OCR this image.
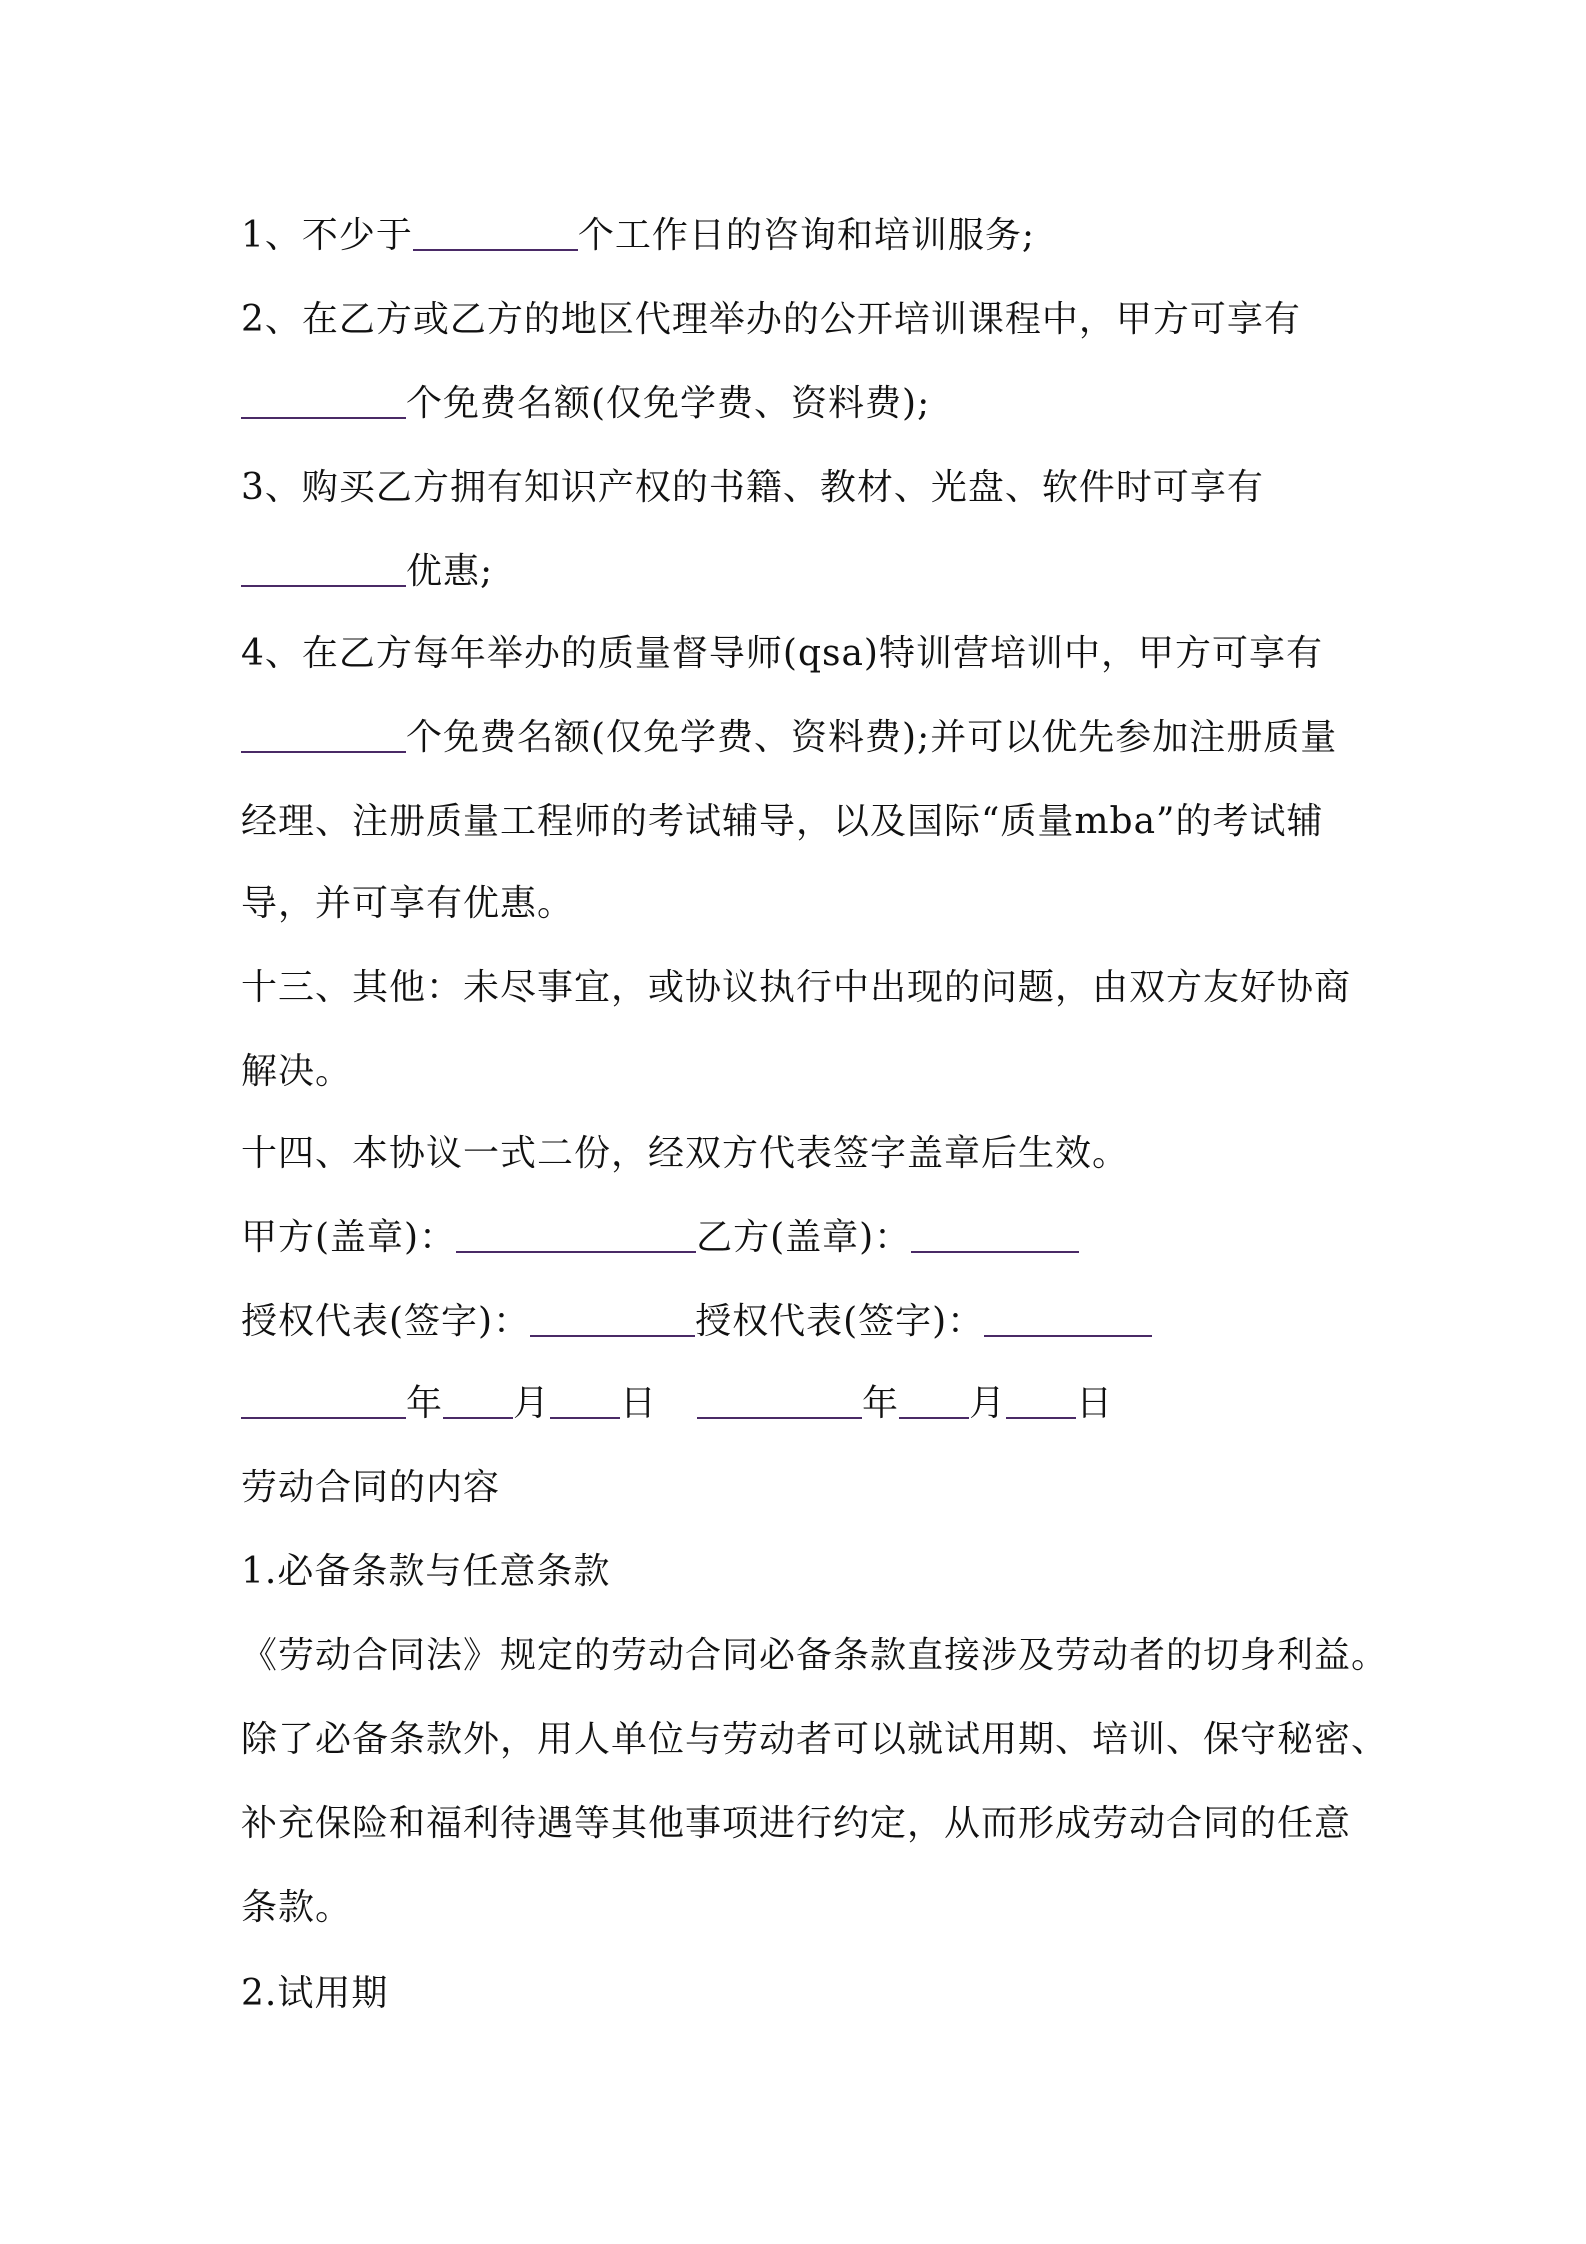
1、不少于	个工作日的咨询和培训服务;
2、在乙方或乙方的地区代理举办的公开培训课程中，甲方可享有
个免费名额(仅免学费、资料费);
3、购买乙方拥有知识产权的书籍、教材、光盘、软件时可享有
优惠;
4、在乙方每年举办的质量督导师(qsa)特训营培训中，甲方可享有
个免费名额(仅免学费、资料费);并可以优先参加注册质量
经理、注册质量工程师的考试辅导，以及国际“质量mba”的考试辅
导，并可享有优惠。
十三、其他：未尽事宜，或协议执行中出现的问题，由双方友好协商
解决。
十四、本协议一式二份，经双方代表签字盖章后生效。
甲方(盖章)：	乙方(盖章)：
授权代表(签字)：	授权代表(签字)：
年 月 日	年 月 日
劳动合同的内容
1.必备条款与任意条款
《劳动合同法》规定的劳动合同必备条款直接涉及劳动者的切身利益。
除了必备条款外，用人单位与劳动者可以就试用期、培训、保守秘密、
补充保险和福利待遇等其他事项进行约定，从而形成劳动合同的任意
条款。
2.试用期
